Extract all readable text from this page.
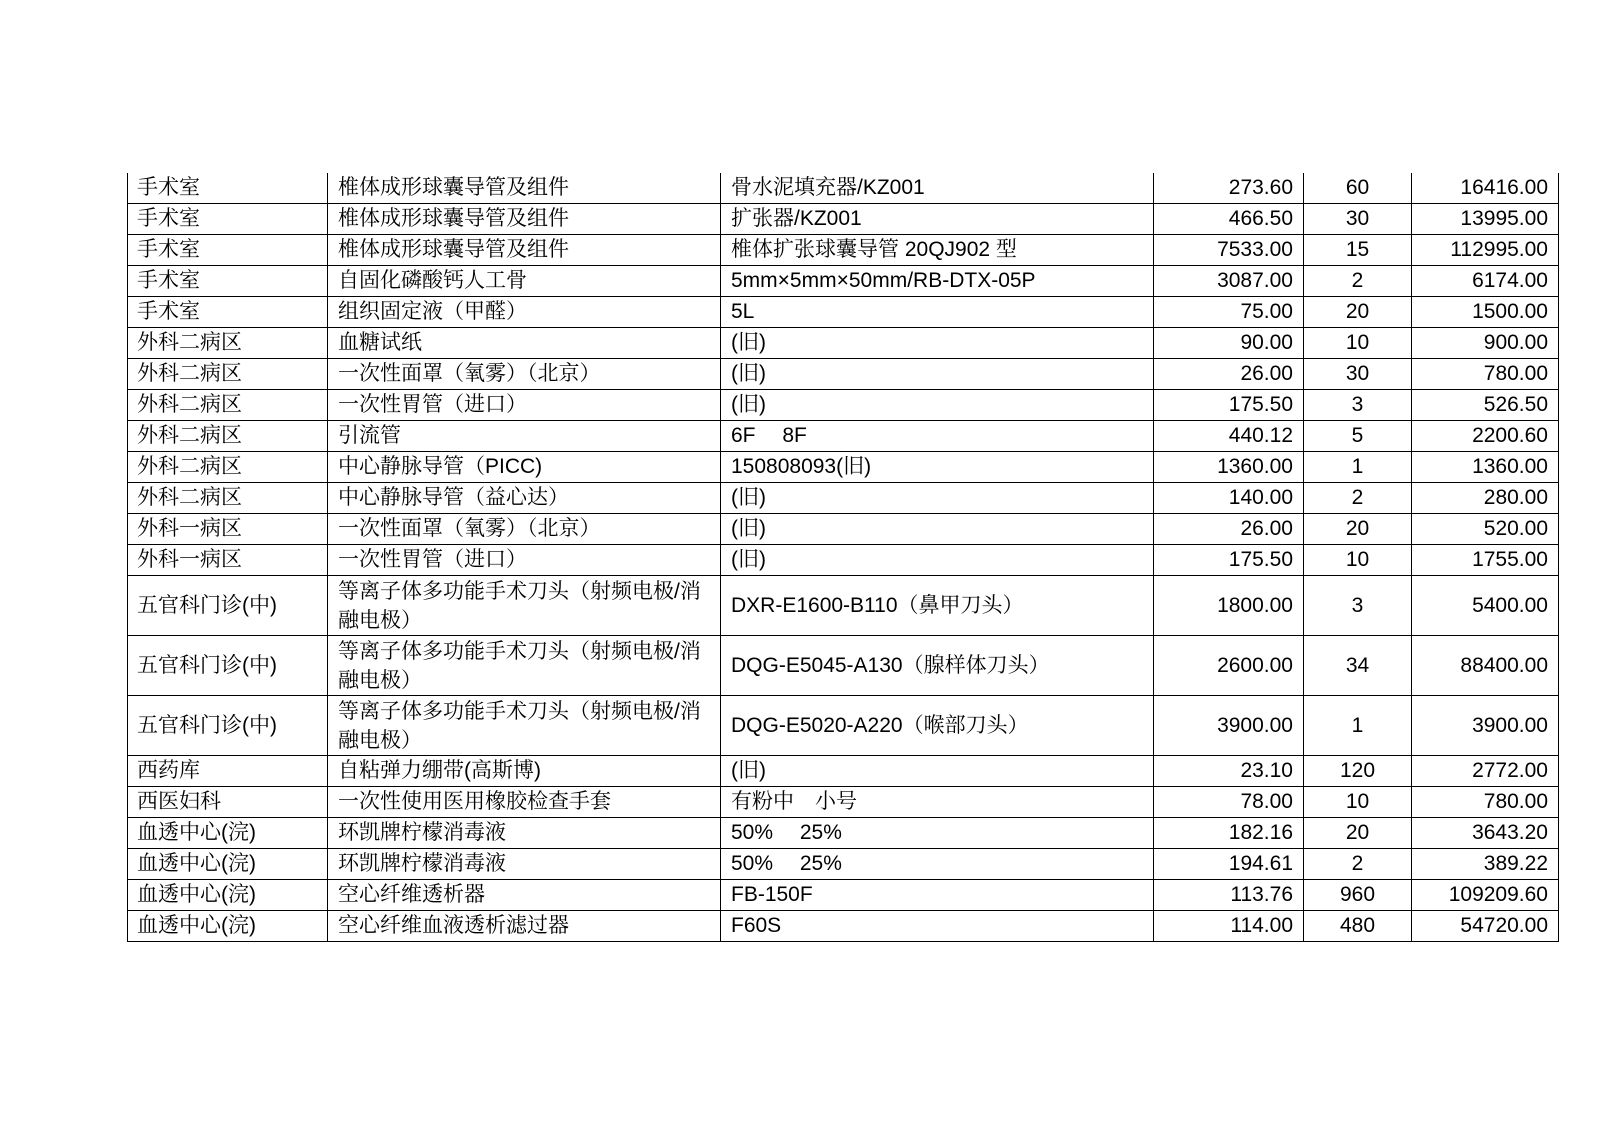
手术室	椎体成形球囊导管及组件	骨水泥填充器/KZ001	273.60	60	16416.00
手术室	椎体成形球囊导管及组件	扩张器/KZ001	466.50	30	13995.00
手术室	椎体成形球囊导管及组件	椎体扩张球囊导管 20QJ902 型	7533.00	15	112995.00
手术室	自固化磷酸钙人工骨	5mm×5mm×50mm/RB-DTX-05P	3087.00	2	6174.00
手术室	组织固定液（甲醛）	5L	75.00	20	1500.00
外科二病区	血糖试纸	(旧)	90.00	10	900.00
外科二病区	一次性面罩（氧雾）（北京）	(旧)	26.00	30	780.00
外科二病区	一次性胃管（进口）	(旧)	175.50	3	526.50
外科二病区	引流管	6F　 8F	440.12	5	2200.60
外科二病区	中心静脉导管（PICC)	150808093(旧)	1360.00	1	1360.00
外科二病区	中心静脉导管（益心达）	(旧)	140.00	2	280.00
外科一病区	一次性面罩（氧雾）（北京）	(旧)	26.00	20	520.00
外科一病区	一次性胃管（进口）	(旧)	175.50	10	1755.00
五官科门诊(中)	等离子体多功能手术刀头（射频电极/消融电极）	DXR-E1600-B110（鼻甲刀头）	1800.00	3	5400.00
五官科门诊(中)	等离子体多功能手术刀头（射频电极/消融电极）	DQG-E5045-A130（腺样体刀头）	2600.00	34	88400.00
五官科门诊(中)	等离子体多功能手术刀头（射频电极/消融电极）	DQG-E5020-A220（喉部刀头）	3900.00	1	3900.00
西药库	自粘弹力绷带(高斯博)	(旧)	23.10	120	2772.00
西医妇科	一次性使用医用橡胶检查手套	有粉中　小号	78.00	10	780.00
血透中心(浣)	环凯牌柠檬消毒液	50%　 25%	182.16	20	3643.20
血透中心(浣)	环凯牌柠檬消毒液	50%　 25%	194.61	2	389.22
血透中心(浣)	空心纤维透析器	FB-150F	113.76	960	109209.60
血透中心(浣)	空心纤维血液透析滤过器	F60S	114.00	480	54720.00
